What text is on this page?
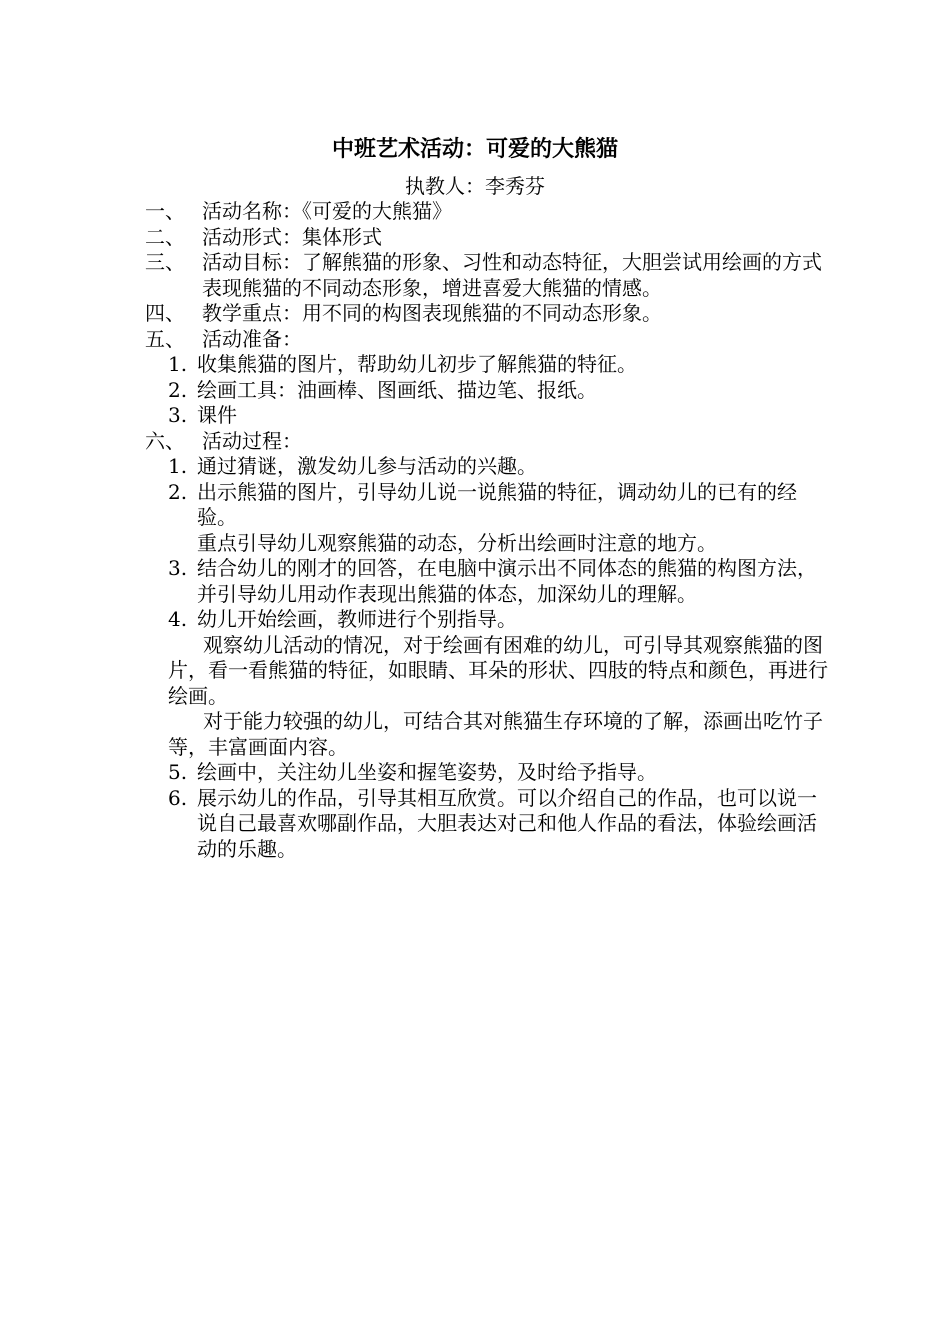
中班艺术活动：可爱的大熊猫
执教人：李秀芬
一、 活动名称：《可爱的大熊猫》
二、 活动形式：集体形式
三、 活动目标：了解熊猫的形象、习性和动态特征，大胆尝试用绘画的方式表现熊猫的不同动态形象，增进喜爱大熊猫的情感。
四、 教学重点：用不同的构图表现熊猫的不同动态形象。
五、 活动准备：
1. 收集熊猫的图片，帮助幼儿初步了解熊猫的特征。
2. 绘画工具：油画棒、图画纸、描边笔、报纸。
3. 课件
六、 活动过程：
1. 通过猜谜，激发幼儿参与活动的兴趣。
2. 出示熊猫的图片，引导幼儿说一说熊猫的特征，调动幼儿的已有的经验。
重点引导幼儿观察熊猫的动态，分析出绘画时注意的地方。
3. 结合幼儿的刚才的回答，在电脑中演示出不同体态的熊猫的构图方法，并引导幼儿用动作表现出熊猫的体态，加深幼儿的理解。
4. 幼儿开始绘画，教师进行个别指导。
观察幼儿活动的情况，对于绘画有困难的幼儿，可引导其观察熊猫的图片，看一看熊猫的特征，如眼睛、耳朵的形状、四肢的特点和颜色，再进行绘画。
对于能力较强的幼儿，可结合其对熊猫生存环境的了解，添画出吃竹子等，丰富画面内容。
5. 绘画中，关注幼儿坐姿和握笔姿势，及时给予指导。
6. 展示幼儿的作品，引导其相互欣赏。可以介绍自己的作品，也可以说一说自己最喜欢哪副作品，大胆表达对己和他人作品的看法，体验绘画活动的乐趣。
